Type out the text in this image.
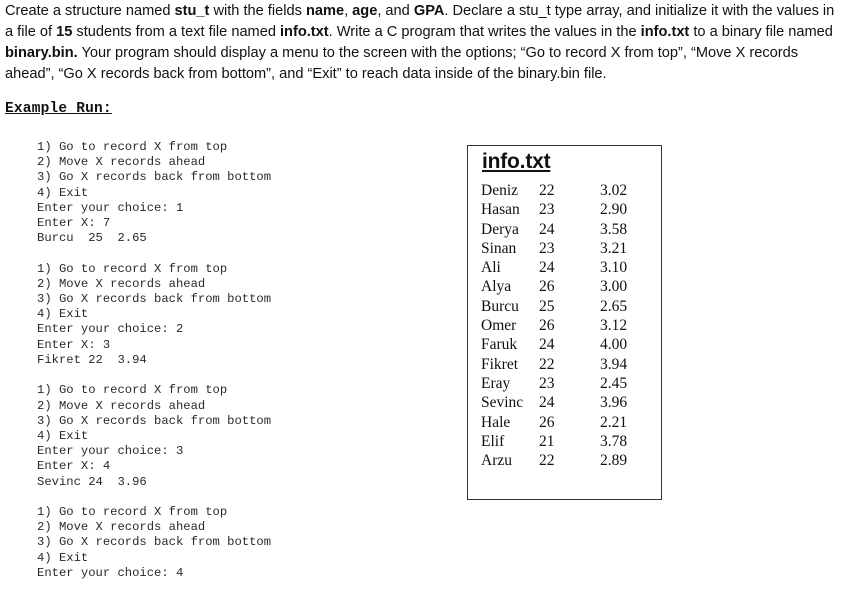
Create a structure named stu_t with the fields name, age, and GPA. Declare a stu_t type array, and initialize it with the values in a file of 15 students from a text file named info.txt. Write a C program that writes the values in the info.txt to a binary file named binary.bin. Your program should display a menu to the screen with the options; “Go to record X from top”, “Move X records ahead”, “Go X records back from bottom”, and “Exit” to reach data inside of the binary.bin file.
Example Run:
1) Go to record X from top
2) Move X records ahead
3) Go X records back from bottom
4) Exit
Enter your choice: 1
Enter X: 7
Burcu  25  2.65
1) Go to record X from top
2) Move X records ahead
3) Go X records back from bottom
4) Exit
Enter your choice: 2
Enter X: 3
Fikret 22  3.94
1) Go to record X from top
2) Move X records ahead
3) Go X records back from bottom
4) Exit
Enter your choice: 3
Enter X: 4
Sevinc 24  3.96
1) Go to record X from top
2) Move X records ahead
3) Go X records back from bottom
4) Exit
Enter your choice: 4
info.txt
Deniz 22	3.02
Hasan 23	2.90
Derya 24	3.58
Sinan 23	3.21
Ali 24	3.10
Alya 26	3.00
Burcu 25	2.65
Omer 26	3.12
Faruk 24	4.00
Fikret 22	3.94
Eray 23	2.45
Sevinc 24	3.96
Hale 26	2.21
Elif 21	3.78
Arzu 22	2.89
